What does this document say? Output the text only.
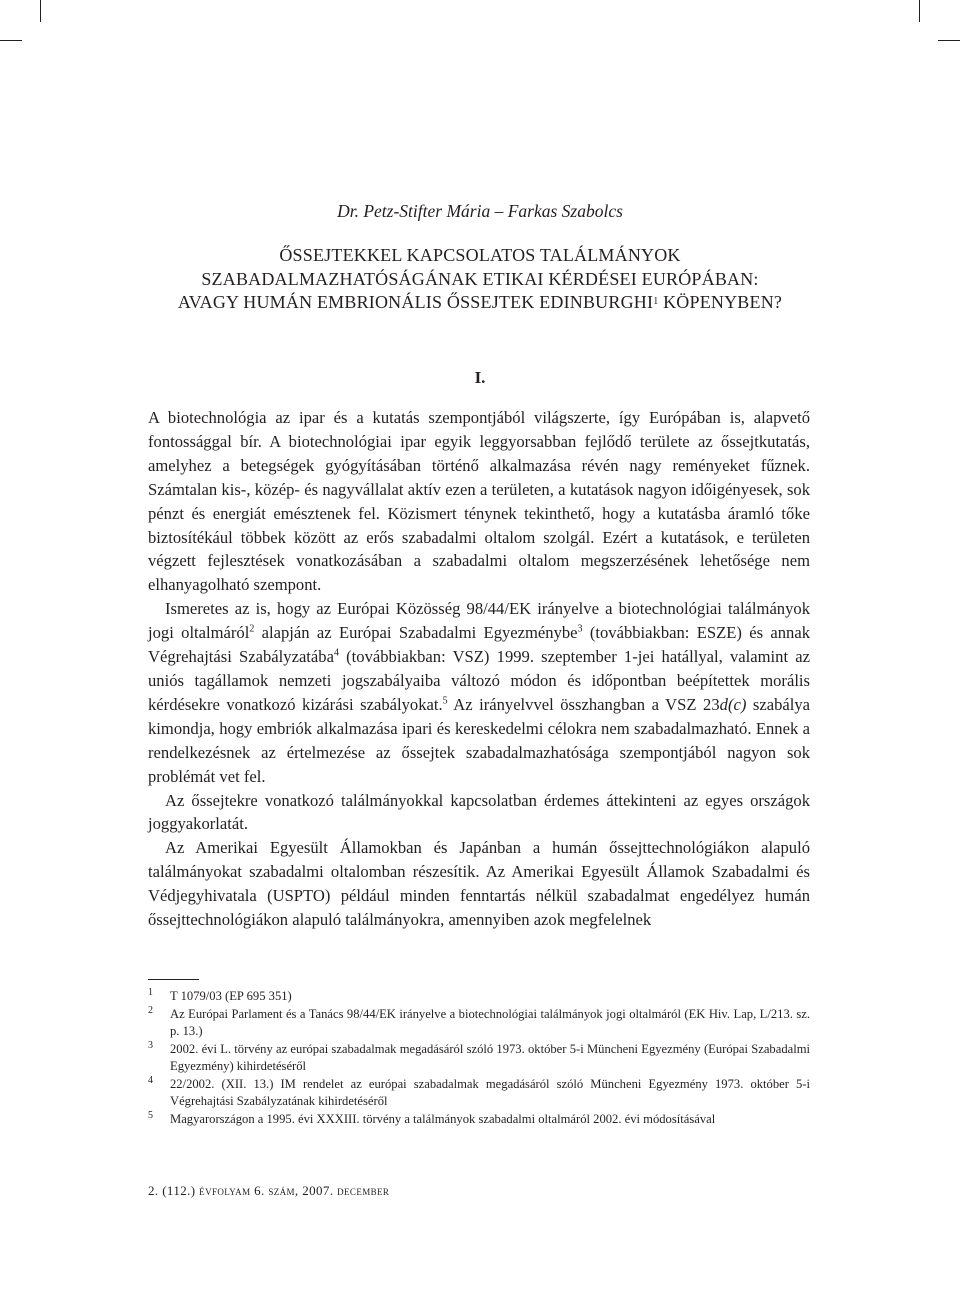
Dr. Petz-Stifter Mária – Farkas Szabolcs
ŐSSEJTEKKEL KAPCSOLATOS TALÁLMÁNYOK
SZABADALMAZHATÓSÁGÁNAK ETIKAI KÉRDÉSEI EURÓPÁBAN:
AVAGY HUMÁN EMBRIONÁLIS ŐSSEJTEK EDINBURGHI$^1$ KÖPENYBEN?
I.

A biotechnológia az ipar és a kutatás szempontjából világszerte, így Európában is, alapvető fontossággal bír. A biotechnológiai ipar egyik leggyorsabban fejlődő területe az őssejtkutatás, amelyhez a betegségek gyógyításában történő alkalmazása révén nagy reményeket fűznek. Számtalan kis-, közép- és nagyvállalat aktív ezen a területen, a kutatások nagyon időigényesek, sok pénzt és energiát emésztenek fel. Közismert ténynek tekinthető, hogy a kutatásba áramló tőke biztosítékául többek között az erős szabadalmi oltalom szolgál. Ezért a kutatások, e területen végzett fejlesztések vonatkozásában a szabadalmi oltalom megszerzésének lehetősége nem elhanyagolható szempont.

Ismeretes az is, hogy az Európai Közösség 98/44/EK irányelve a biotechnológiai találmányok jogi oltalmáról$^2$ alapján az Európai Szabadalmi Egyezménybe$^3$ (továbbiakban: ESZE) és annak Végrehajtási Szabályzatába$^4$ (továbbiakban: VSZ) 1999. szeptember 1-jei hatállyal, valamint az uniós tagállamok nemzeti jogszabályaiba változó módon és időpontban beépítettek morális kérdésekre vonatkozó kizárási szabályokat.$^5$ Az irányelvvel összhangban a VSZ 23d(c) szabálya kimondja, hogy embriók alkalmazása ipari és kereskedelmi célokra nem szabadalmazható. Ennek a rendelkezésnek az értelmezése az őssejtek szabadalmazhatósága szempontjából nagyon sok problémát vet fel.

Az őssejtekre vonatkozó találmányokkal kapcsolatban érdemes áttekinteni az egyes országok joggyakorlatát.

Az Amerikai Egyesült Államokban és Japánban a humán őssejttechnológiákon alapuló találmányokat szabadalmi oltalomban részesítik. Az Amerikai Egyesült Államok Szabadalmi és Védjegyhivatala (USPTO) például minden fenntartás nélkül szabadalmat engedélyez humán őssejttechnológiákon alapuló találmányokra, amennyiben azok megfelelnek

1	T 1079/03 (EP 695 351)
2	Az Európai Parlament és a Tanács 98/44/EK irányelve a biotechnológiai találmányok jogi oltalmáról (EK Hiv. Lap, L/213. sz. p. 13.)
3	2002. évi L. törvény az európai szabadalmak megadásáról szóló 1973. október 5-i Müncheni Egyezmény (Európai Szabadalmi Egyezmény) kihirdetéséről
4	22/2002. (XII. 13.) IM rendelet az európai szabadalmak megadásáról szóló Müncheni Egyezmény 1973. október 5-i Végrehajtási Szabályzatának kihirdetéséről
5	Magyarországon a 1995. évi XXXIII. törvény a találmányok szabadalmi oltalmáról 2002. évi módosításával
2. (112.) évfolyam 6. szám, 2007. december
